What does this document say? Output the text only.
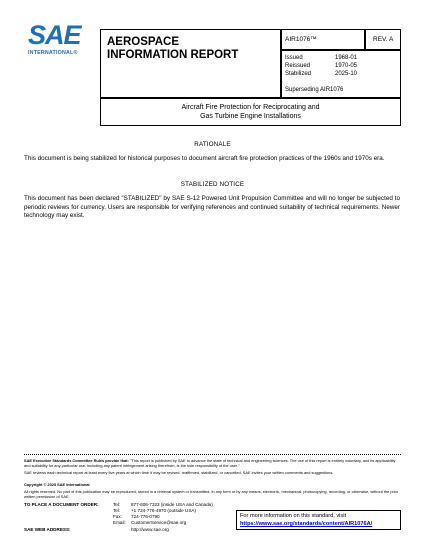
SAE
INTERNATIONAL®
AEROSPACE
INFORMATION REPORT
AIR1076™	REV. A
Issued	1968-01
Reissued	1970-05
Stabilized	2025-10
Superseding AIR1076
Aircraft Fire Protection for Reciprocating and
Gas Turbine Engine Installations
RATIONALE
This document is being stabilized for historical purposes to document aircraft fire protection practices of the 1960s and 1970s era.
STABILIZED NOTICE
This document has been declared "STABILIZED" by SAE S-12 Powered Unit Propulsion Committee and will no longer be subjected to periodic reviews for currency. Users are responsible for verifying references and continued suitability of technical requirements. Newer technology may exist.
SAE Executive Standards Committee Rules provide that: "This report is published by SAE to advance the state of technical and engineering sciences. The use of this report is entirely voluntary, and its applicability and suitability for any particular use, including any patent infringement arising therefrom, is the sole responsibility of the user."
SAE reviews each technical report at least every five years at which time it may be revised, reaffirmed, stabilized, or cancelled. SAE invites your written comments and suggestions.
Copyright © 2025 SAE International
All rights reserved. No part of this publication may be reproduced, stored in a retrieval system or transmitted, in any form or by any means, electronic, mechanical, photocopying, recording, or otherwise, without the prior written permission of SAE.
TO PLACE A DOCUMENT ORDER:	Tel: 877-606-7323 (inside USA and Canada)
Tel: +1 724-776-4970 (outside USA)
Fax: 724-776-0790
Email: CustomerService@sae.org
SAE WEB ADDRESS:	http://www.sae.org
For more information on this standard, visit
https://www.sae.org/standards/content/AIR1076A/
